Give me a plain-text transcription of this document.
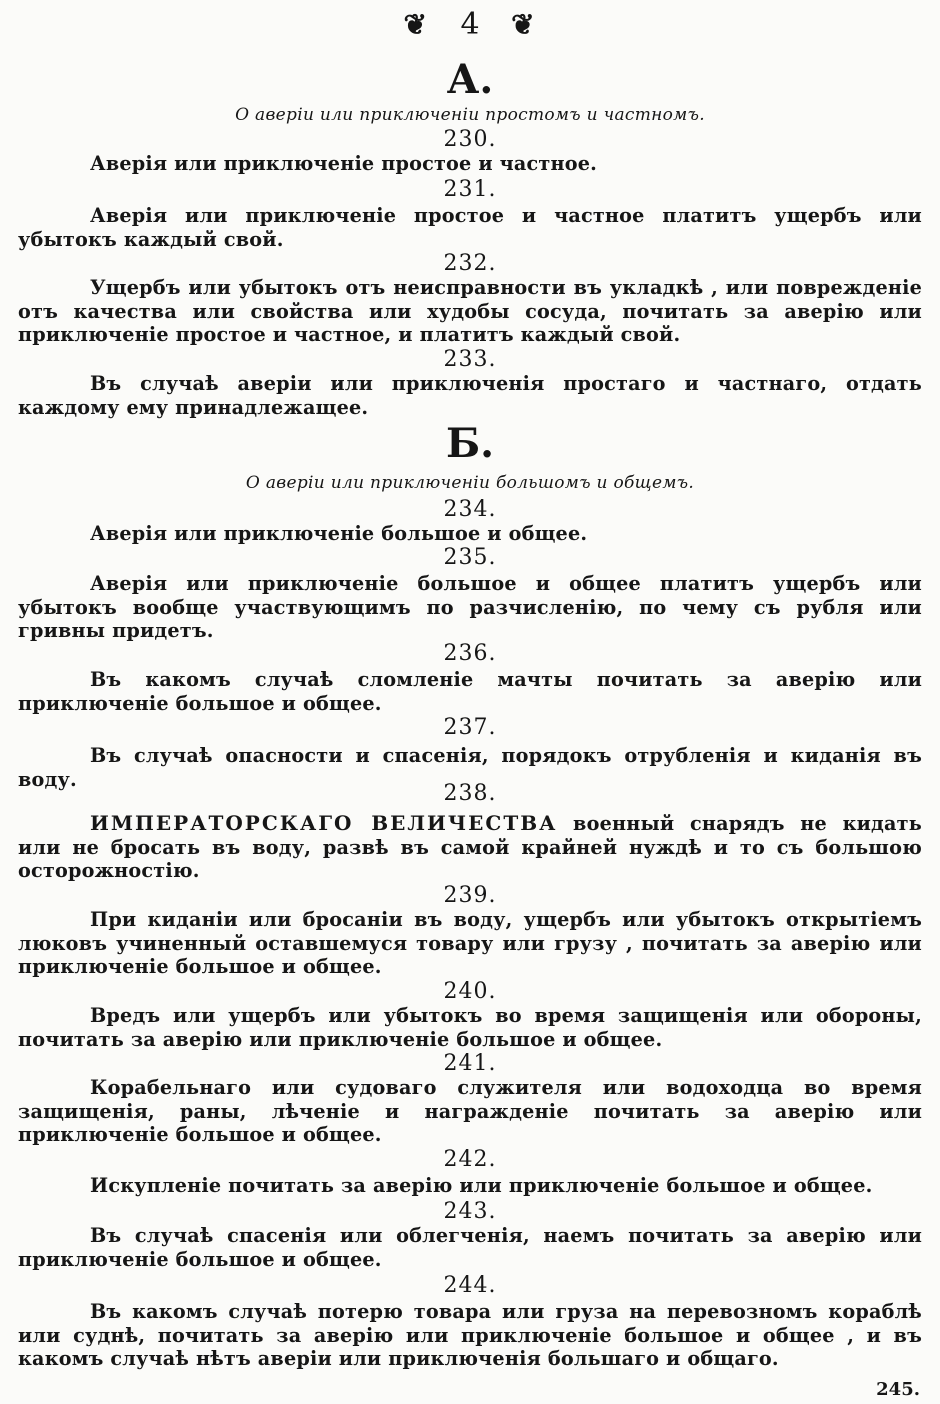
❦ 4 ❦
А.
О аверіи или приключеніи простомъ и частномъ.
230.
Аверія или приключеніе простое и частное.
231.
Аверія или приключеніе простое и частное платитъ ущербъ или убытокъ каждый свой.
232.
Ущербъ или убытокъ отъ неисправности въ укладкѣ , или поврежденіе отъ качества или свойства или худобы сосуда, почитать за аверію или приключеніе простое и частное, и платитъ каждый свой.
233.
Въ случаѣ аверіи или приключенія простаго и частнаго, отдать каждому ему принадлежащее.
Б.
О аверіи или приключеніи большомъ и общемъ.
234.
Аверія или приключеніе большое и общее.
235.
Аверія или приключеніе большое и общее платитъ ущербъ или убытокъ вообще участвующимъ по разчисленію, по чему съ рубля или гривны придетъ.
236.
Въ какомъ случаѣ сломленіе мачты почитать за аверію или приключеніе большое и общее.
237.
Въ случаѣ опасности и спасенія, порядокъ отрубленія и киданія въ воду.
238.
ИМПЕРАТОРСКАГО ВЕЛИЧЕСТВА военный снарядъ не кидать или не бросать въ воду, развѣ въ самой крайней нуждѣ и то съ большою осторожностію.
239.
При киданіи или бросаніи въ воду, ущербъ или убытокъ открытіемъ люковъ учиненный оставшемуся товару или грузу , почитать за аверію или приключеніе большое и общее.
240.
Вредъ или ущербъ или убытокъ во время защищенія или обороны, почитать за аверію или приключеніе большое и общее.
241.
Корабельнаго или судоваго служителя или водоходца во время защищенія, раны, лѣченіе и награжденіе почитать за аверію или приключеніе большое и общее.
242.
Искупленіе почитать за аверію или приключеніе большое и общее.
243.
Въ случаѣ спасенія или облегченія, наемъ почитать за аверію или приключеніе большое и общее.
244.
Въ какомъ случаѣ потерю товара или груза на перевозномъ кораблѣ или суднѣ, почитать за аверію или приключеніе большое и общее , и въ какомъ случаѣ нѣтъ аверіи или приключенія большаго и общаго.
245.
